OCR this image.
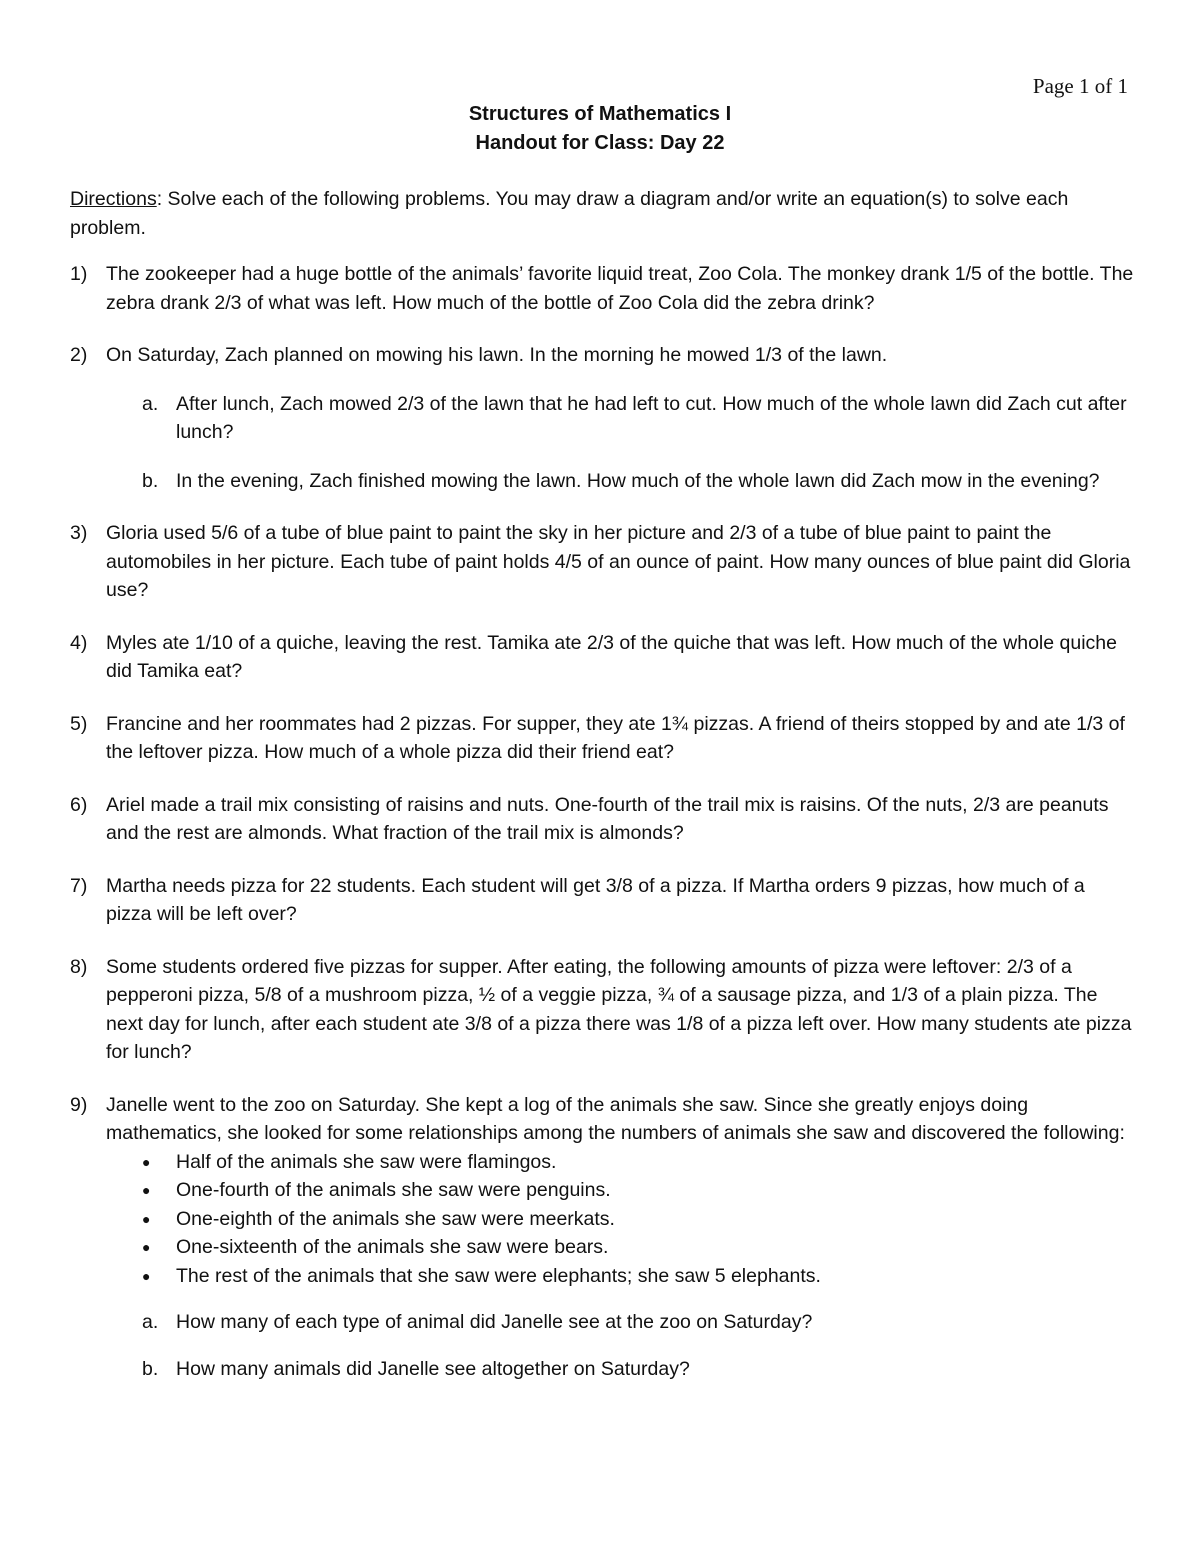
Page 1 of 1
Structures of Mathematics I
Handout for Class: Day 22

Directions: Solve each of the following problems. You may draw a diagram and/or write an equation(s) to solve each problem.

1) The zookeeper had a huge bottle of the animals’ favorite liquid treat, Zoo Cola. The monkey drank 1/5 of the bottle. The zebra drank 2/3 of what was left. How much of the bottle of Zoo Cola did the zebra drink?
2) On Saturday, Zach planned on mowing his lawn. In the morning he mowed 1/3 of the lawn.
a. After lunch, Zach mowed 2/3 of the lawn that he had left to cut. How much of the whole lawn did Zach cut after lunch?
b. In the evening, Zach finished mowing the lawn. How much of the whole lawn did Zach mow in the evening?
3) Gloria used 5/6 of a tube of blue paint to paint the sky in her picture and 2/3 of a tube of blue paint to paint the automobiles in her picture. Each tube of paint holds 4/5 of an ounce of paint. How many ounces of blue paint did Gloria use?
4) Myles ate 1/10 of a quiche, leaving the rest. Tamika ate 2/3 of the quiche that was left. How much of the whole quiche did Tamika eat?
5) Francine and her roommates had 2 pizzas. For supper, they ate 1¾ pizzas. A friend of theirs stopped by and ate 1/3 of the leftover pizza. How much of a whole pizza did their friend eat?
6) Ariel made a trail mix consisting of raisins and nuts. One-fourth of the trail mix is raisins. Of the nuts, 2/3 are peanuts and the rest are almonds. What fraction of the trail mix is almonds?
7) Martha needs pizza for 22 students. Each student will get 3/8 of a pizza. If Martha orders 9 pizzas, how much of a pizza will be left over?
8) Some students ordered five pizzas for supper. After eating, the following amounts of pizza were leftover: 2/3 of a pepperoni pizza, 5/8 of a mushroom pizza, ½ of a veggie pizza, ¾ of a sausage pizza, and 1/3 of a plain pizza. The next day for lunch, after each student ate 3/8 of a pizza there was 1/8 of a pizza left over. How many students ate pizza for lunch?
9) Janelle went to the zoo on Saturday. She kept a log of the animals she saw. Since she greatly enjoys doing mathematics, she looked for some relationships among the numbers of animals she saw and discovered the following:
●	Half of the animals she saw were flamingos.
●	One-fourth of the animals she saw were penguins.
●	One-eighth of the animals she saw were meerkats.
●	One-sixteenth of the animals she saw were bears.
●	The rest of the animals that she saw were elephants; she saw 5 elephants.
a. How many of each type of animal did Janelle see at the zoo on Saturday?
b. How many animals did Janelle see altogether on Saturday?
